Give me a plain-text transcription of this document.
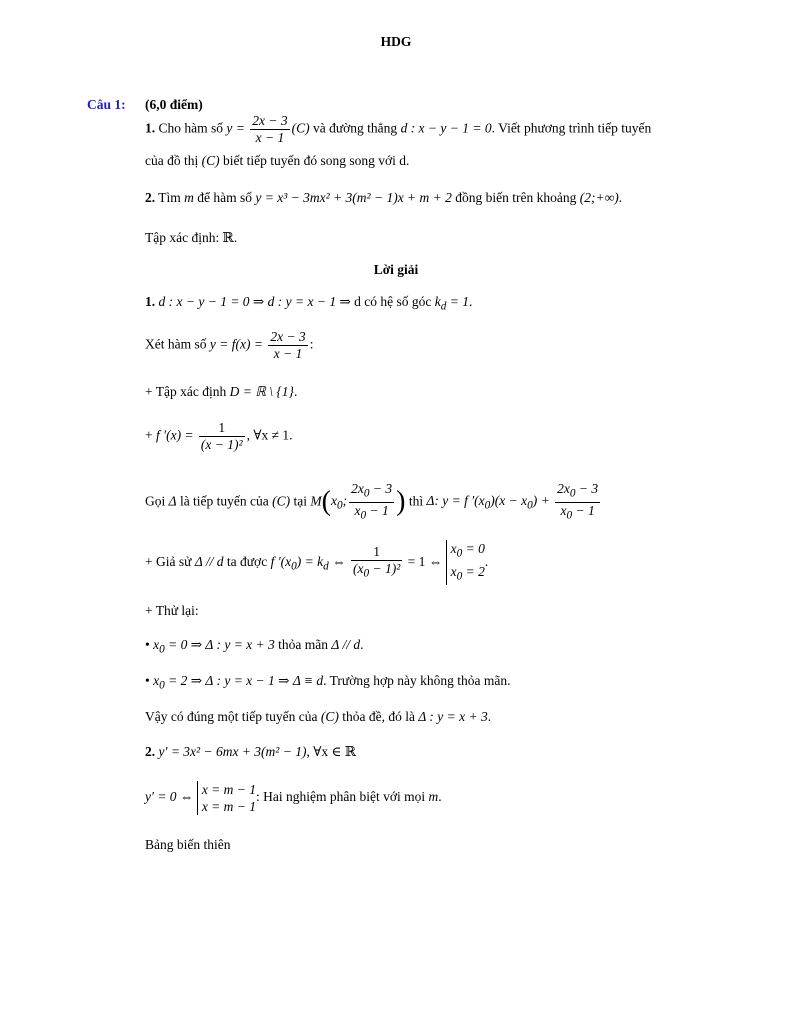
HDG
Câu 1: (6,0 điểm)
1. Cho hàm số $y = \frac{2x - 3}{x - 1} (C)$ và đường thẳng d : x − y − 1 = 0. Viết phương trình tiếp tuyến
của đồ thị (C) biết tiếp tuyến đó song song với d.
2. Tìm m để hàm số y = x³ − 3mx² + 3(m² − 1)x + m + 2 đồng biến trên khoảng (2;+∞).
Tập xác định: ℝ.
Lời giải
1. d : x − y − 1 = 0 ⇒ d : y = x − 1 ⇒ d có hệ số góc $k_d = 1$.
Xét hàm số $y = f(x) = \frac{2x - 3}{x - 1}$ :
+ Tập xác định D = ℝ \ {1}.
+ f $'(x) = \frac{1}{\text{(x − 1)²}}$ , ∀x ≠ 1.
Gọi Δ là tiếp tuyến của (C) tại $M(x_0$; $\frac{2x_0 - 3}{x_0 - 1}$ ) thì Δ: y = f $'(x_0)(x - x_0) + \frac{2x_0 - 3}{x_0 - 1}$
+ Giả sử Δ // d ta được f $'(x_0) = k_d$ ⇔ $\frac{1}{(x_0 - 1)^2} = 1$ ⇔ $x_0 = 0$
$x_0 = 2$.
+ Thử lại:
• $x_0 = 0$ ⇒ Δ : y = x + 3 thỏa mãn Δ // d.
• $x_0 = 2$ ⇒ Δ : y = x − 1 ⇒ Δ ≡ d. Trường hợp này không thỏa mãn.
Vậy có đúng một tiếp tuyến của (C) thỏa đề, đó là Δ : y = x + 3.
2. y′ = 3x² − 6mx + 3(m² − 1), ∀x ∈ ℝ
y′ = 0 ⇔ x = m − 1
x = m − 1: Hai nghiệm phân biệt với mọi m.
Bảng biến thiên
